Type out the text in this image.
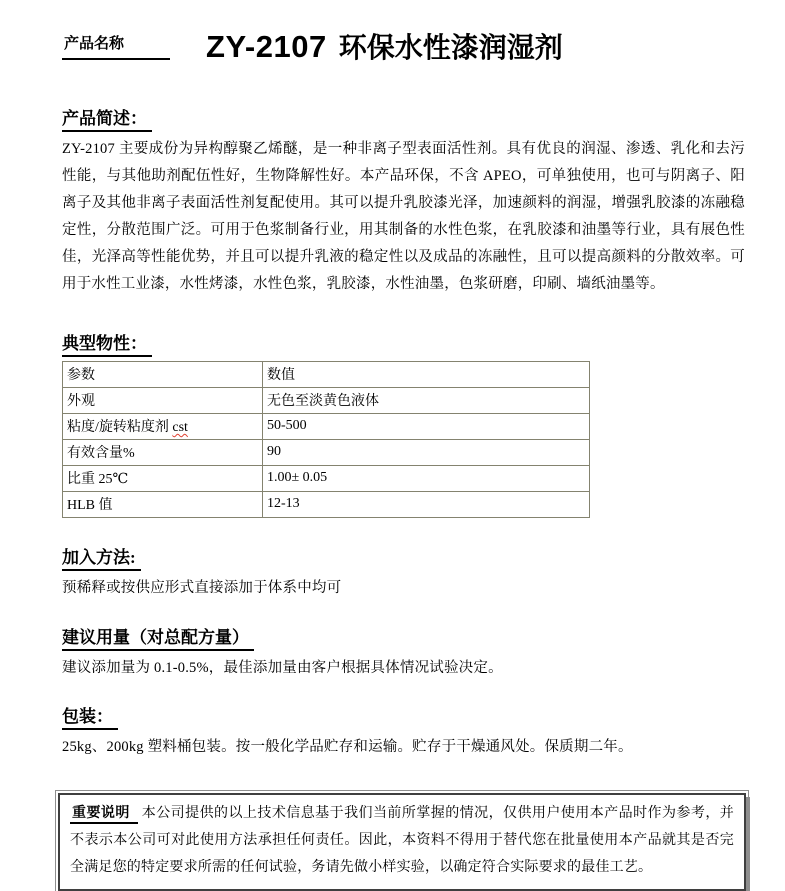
产品名称	ZY-2107 环保水性漆润湿剂
产品简述：

ZY-2107 主要成份为异构醇聚乙烯醚，是一种非离子型表面活性剂。具有优良的润湿、渗透、乳化和去污性能，与其他助剂配伍性好，生物降解性好。本产品环保，不含 APEO，可单独使用，也可与阴离子、阳离子及其他非离子表面活性剂复配使用。其可以提升乳胶漆光泽，加速颜料的润湿，增强乳胶漆的冻融稳定性，分散范围广泛。可用于色浆制备行业，用其制备的水性色浆，在乳胶漆和油墨等行业，具有展色性佳，光泽高等性能优势，并且可以提升乳液的稳定性以及成品的冻融性，且可以提高颜料的分散效率。可用于水性工业漆，水性烤漆，水性色浆，乳胶漆，水性油墨，色浆研磨，印刷、墙纸油墨等。

典型物性：
参数	数值
外观	无色至淡黄色液体
粘度/旋转粘度剂 cst	50-500
有效含量%	90
比重 25℃	1.00± 0.05
HLB 值	12-13
加入方法:

预稀释或按供应形式直接添加于体系中均可

建议用量（对总配方量）

建议添加量为 0.1-0.5%，最佳添加量由客户根据具体情况试验决定。

包装：

25kg、200kg 塑料桶包装。按一般化学品贮存和运输。贮存于干燥通风处。保质期二年。

重要说明 本公司提供的以上技术信息基于我们当前所掌握的情况，仅供用户使用本产品时作为参考，并不表示本公司可对此使用方法承担任何责任。因此，本资料不得用于替代您在批量使用本产品就其是否完全满足您的特定要求所需的任何试验，务请先做小样实验，以确定符合实际要求的最佳工艺。
